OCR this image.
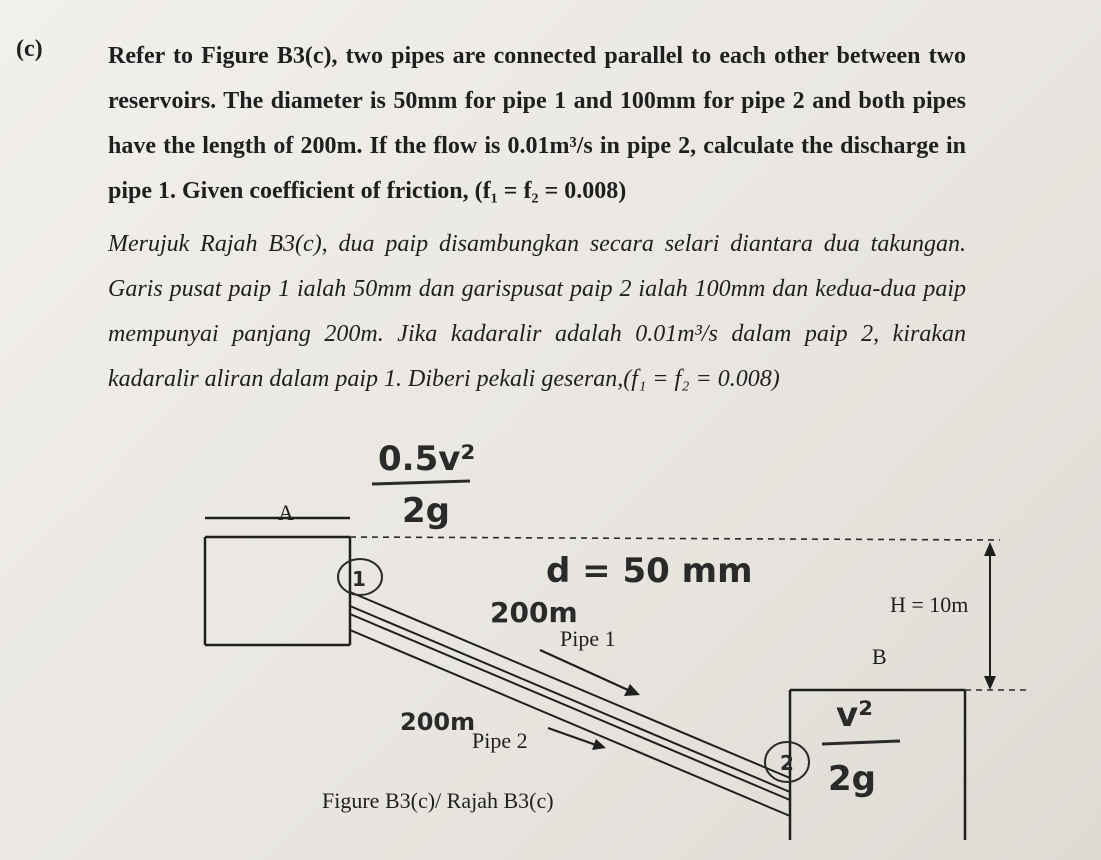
(c)	Refer to Figure B3(c), two pipes are connected parallel to each other between two reservoirs. The diameter is 50mm for pipe 1 and 100mm for pipe 2 and both pipes have the length of 200m. If the flow is 0.01m³/s in pipe 2, calculate the discharge in pipe 1. Given coefficient of friction, (f₁ = f₂ = 0.008)

Merujuk Rajah B3(c), dua paip disambungkan secara selari diantara dua takungan. Garis pusat paip 1 ialah 50mm dan garispusat paip 2 ialah 100mm dan kedua-dua paip mempunyai panjang 200m. Jika kadaralir adalah 0.01m³/s dalam paip 2, kirakan kadaralir aliran dalam paip 1. Diberi pekali geseran,(f₁ = f₂ = 0.008)

A
Pipe 1
Pipe 2
B
H = 10m
Figure B3(c)/ Rajah B3(c)
0.5v²
2g
d = 50 mm
200m
200m	v²
2g
1
2
